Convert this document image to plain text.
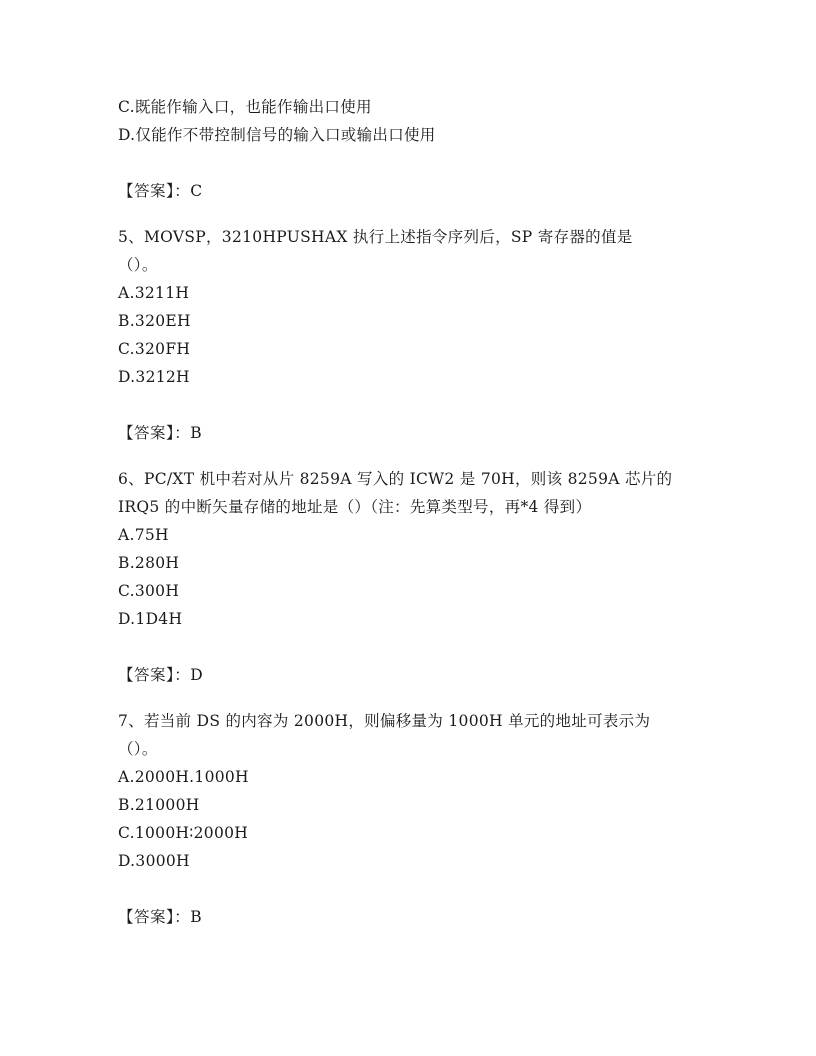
C.既能作输入口，也能作输出口使用
D.仅能作不带控制信号的输入口或输出口使用
【答案】：C
5、MOVSP，3210HPUSHAX 执行上述指令序列后，SP 寄存器的值是
（）。
A.3211H
B.320EH
C.320FH
D.3212H
【答案】：B
6、PC/XT 机中若对从片 8259A 写入的 ICW2 是 70H，则该 8259A 芯片的
IRQ5 的中断矢量存储的地址是（）（注：先算类型号，再*4 得到）
A.75H
B.280H
C.300H
D.1D4H
【答案】：D
7、若当前 DS 的内容为 2000H，则偏移量为 1000H 单元的地址可表示为
（）。
A.2000H.1000H
B.21000H
C.1000H∶2000H
D.3000H
【答案】：B
